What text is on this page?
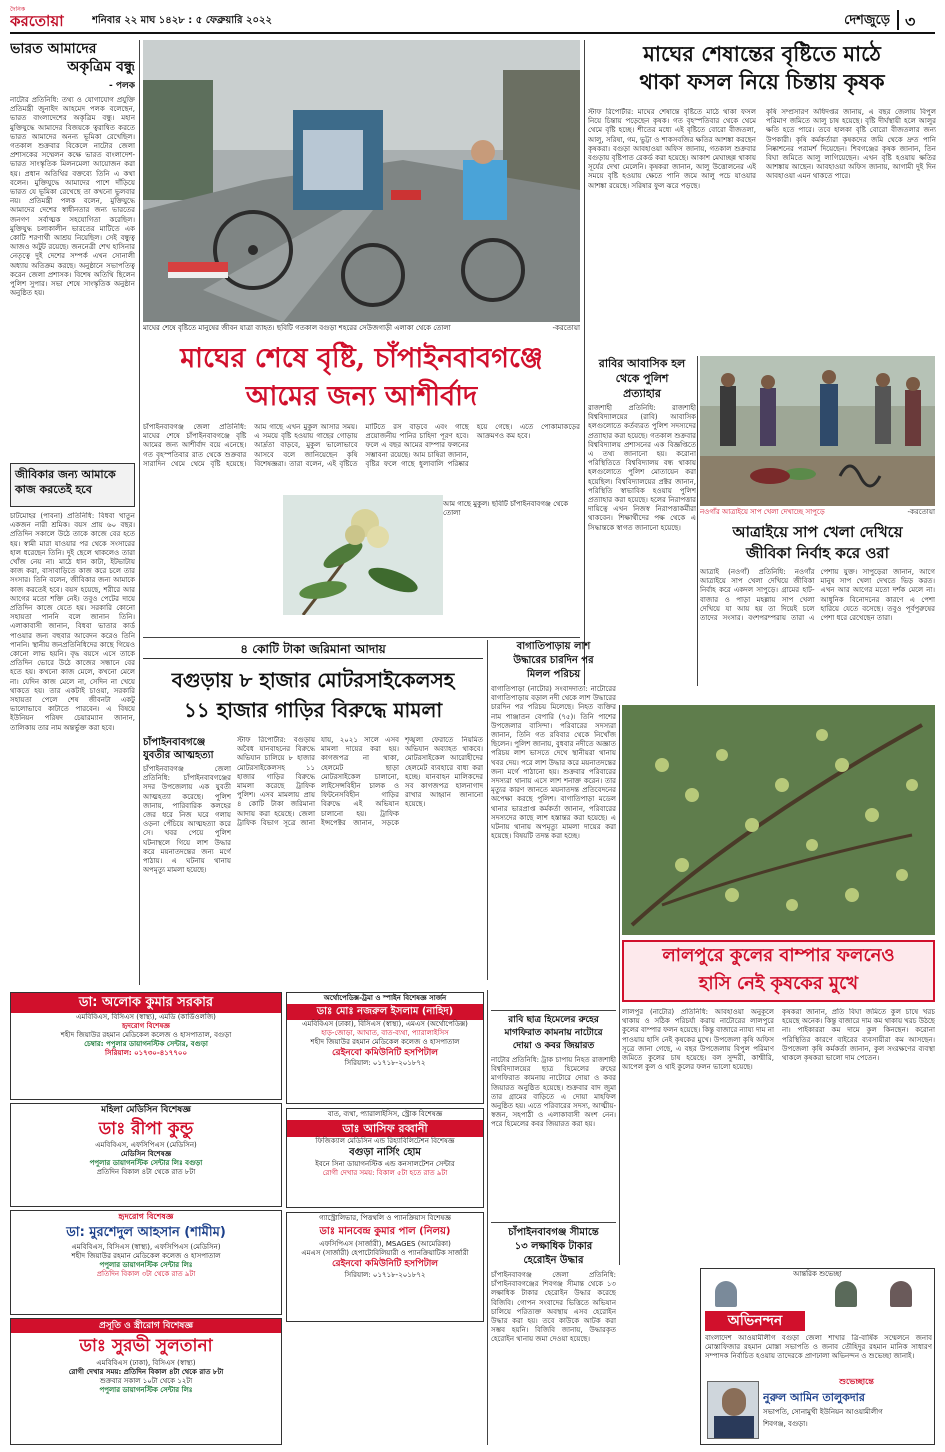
দৈনিক
করতোয়া	শনিবার ২২ মাঘ ১৪২৮ : ৫ ফেব্রুয়ারি ২০২২	দেশজুড়ে ৩
ভারত আমাদের
অকৃত্রিম বন্ধু
- পলক
নাটোর প্রতিনিধি: তথ্য ও যোগাযোগ প্রযুক্তি প্রতিমন্ত্রী জুনাইদ আহমেদ পলক বলেছেন, ভারত বাংলাদেশের অকৃত্রিম বন্ধু। মহান মুক্তিযুদ্ধে আমাদের বিজয়কে ত্বরান্বিত করতে ভারত আমাদের অনন্য ভূমিকা রেখেছিল। গতকাল শুক্রবার বিকেলে নাটোর জেলা প্রশাসকের সম্মেলন কক্ষে ভারত বাংলাদেশ-ভারত সাংস্কৃতিক মিলনমেলা আয়োজন করা হয়। প্রধান অতিথির বক্তব্যে তিনি এ কথা বলেন। মুক্তিযুদ্ধে আমাদের পাশে দাঁড়িয়ে ভারত যে ভূমিকা রেখেছে তা কখনো ভুলবার নয়। প্রতিমন্ত্রী পলক বলেন, মুক্তিযুদ্ধে আমাদের দেশের স্বাধীনতার জন্য ভারতের জনগণ সর্বাত্মক সহযোগিতা করেছিল। মুক্তিযুদ্ধ চলাকালীন ভারতের মাটিতে এক কোটি শরণার্থী আশ্রয় নিয়েছিল। সেই বন্ধুত্ব আজও অটুট রয়েছে। জননেত্রী শেখ হাসিনার নেতৃত্বে দুই দেশের সম্পর্ক এখন সোনালী অধ্যায় অতিক্রম করছে। অনুষ্ঠানে সভাপতিত্ব করেন জেলা প্রশাসক। বিশেষ অতিথি ছিলেন পুলিশ সুপার। সভা শেষে সাংস্কৃতিক অনুষ্ঠান অনুষ্ঠিত হয়।
জীবিকার জন্য আমাকে কাজ করতেই হবে
চাটমোহর (পাবনা) প্রতিনিধি: বিধবা খাতুন একজন নারী শ্রমিক। বয়স প্রায় ৬০ বছর। প্রতিদিন সকালে উঠে তাকে কাজে বের হতে হয়। স্বামী মারা যাওয়ার পর থেকে সংসারের হাল ধরেছেন তিনি। দুই ছেলে থাকলেও তারা খোঁজ নেয় না। মাঠে ধান কাটা, ইটভাটায় কাজ করা, বাসাবাড়িতে কাজ করে চলে তার সংসার। তিনি বলেন, জীবিকার জন্য আমাকে কাজ করতেই হবে। বয়স হয়েছে, শরীরে আর আগের মতো শক্তি নেই। তবুও পেটের দায়ে প্রতিদিন কাজে যেতে হয়। সরকারি কোনো সহায়তা পাননি বলে জানান তিনি। এলাকাবাসী জানান, বিধবা ভাতার কার্ড পাওয়ার জন্য বহুবার আবেদন করেও তিনি পাননি। স্থানীয় জনপ্রতিনিধিদের কাছে গিয়েও কোনো লাভ হয়নি। বৃদ্ধ বয়সে এসে তাকে প্রতিদিন ভোরে উঠে কাজের সন্ধানে বের হতে হয়। কখনো কাজ মেলে, কখনো মেলে না। যেদিন কাজ মেলে না, সেদিন না খেয়ে থাকতে হয়। তার একটাই চাওয়া, সরকারি সহায়তা পেলে শেষ জীবনটা একটু ভালোভাবে কাটাতে পারবেন। এ বিষয়ে ইউনিয়ন পরিষদ চেয়ারম্যান জানান, তালিকায় তার নাম অন্তর্ভুক্ত করা হবে।
মাঘের শেষে বৃষ্টিতে মানুষের জীবন যাত্রা ব্যাহত। ছবিটি গতকাল বগুড়া শহরের সেউজগাড়ী এলাকা থেকে তোলা	-করতোয়া
মাঘের শেষান্তের বৃষ্টিতে মাঠে
থাকা ফসল নিয়ে চিন্তায় কৃষক
স্টাফ রিপোর্টার: মাঘের শেষান্তে বৃষ্টিতে মাঠে থাকা ফসল নিয়ে চিন্তায় পড়েছেন কৃষক। গত বৃহস্পতিবার থেকে থেমে থেমে বৃষ্টি হচ্ছে। শীতের মধ্যে এই বৃষ্টিতে বোরো বীজতলা, আলু, সরিষা, গম, ভুট্টা ও শাকসবজির ক্ষতির আশঙ্কা করছেন কৃষকরা। বগুড়া আবহাওয়া অফিস জানায়, গতকাল শুক্রবার বগুড়ায় বৃষ্টিপাত রেকর্ড করা হয়েছে। আকাশ মেঘাচ্ছন্ন থাকায় সূর্যের দেখা মেলেনি। কৃষকরা জানান, আলু উত্তোলনের এই সময়ে বৃষ্টি হওয়ায় ক্ষেতে পানি জমে আলু পচে যাওয়ার আশঙ্কা রয়েছে। সরিষার ফুল ঝরে পড়ছে।
কৃষি সম্প্রসারণ অধিদপ্তর জানায়, এ বছর জেলায় বিপুল পরিমাণ জমিতে আলু চাষ হয়েছে। বৃষ্টি দীর্ঘস্থায়ী হলে আলুর ক্ষতি হতে পারে। তবে হালকা বৃষ্টি বোরো বীজতলার জন্য উপকারী। কৃষি কর্মকর্তারা কৃষকদের জমি থেকে দ্রুত পানি নিষ্কাশনের পরামর্শ দিয়েছেন। শিবগঞ্জের কৃষক জানান, তিন বিঘা জমিতে আলু লাগিয়েছেন। এখন বৃষ্টি হওয়ায় ক্ষতির আশঙ্কায় আছেন। আবহাওয়া অফিস জানায়, আগামী দুই দিন আবহাওয়া এমন থাকতে পারে।
মাঘের শেষে বৃষ্টি, চাঁপাইনবাবগঞ্জে
আমের জন্য আশীর্বাদ
চাঁপাইনবাবগঞ্জ জেলা প্রতিনিধি: মাঘের শেষে চাঁপাইনবাবগঞ্জে বৃষ্টি আমের জন্য আশীর্বাদ বয়ে এনেছে। গত বৃহস্পতিবার রাত থেকে শুক্রবার সারাদিন থেমে থেমে বৃষ্টি হয়েছে। আম গাছে এখন মুকুল আসার সময়। এ সময়ে বৃষ্টি হওয়ায় গাছের গোড়ায় আর্দ্রতা বাড়বে, মুকুল ভালোভাবে আসবে বলে জানিয়েছেন কৃষি বিশেষজ্ঞরা। তারা বলেন, এই বৃষ্টিতে মাটিতে রস বাড়বে এবং গাছে প্রয়োজনীয় পানির চাহিদা পূরণ হবে। ফলে এ বছর আমের বাম্পার ফলনের সম্ভাবনা রয়েছে। আম চাষিরা জানান, বৃষ্টির ফলে গাছে ধুলাবালি পরিষ্কার হয়ে গেছে। এতে পোকামাকড়ের আক্রমণও কম হবে।
আম গাছে মুকুল। ছবিটি চাঁপাইনবাবগঞ্জ থেকে তোলা
রাবির আবাসিক হল
থেকে পুলিশ
প্রত্যাহার
রাজশাহী প্রতিনিধি: রাজশাহী বিশ্ববিদ্যালয়ের (রাবি) আবাসিক হলগুলোতে কর্তব্যরত পুলিশ সদস্যদের প্রত্যাহার করা হয়েছে। গতকাল শুক্রবার বিশ্ববিদ্যালয় প্রশাসনের এক বিজ্ঞপ্তিতে এ তথ্য জানানো হয়। করোনা পরিস্থিতিতে বিশ্ববিদ্যালয় বন্ধ থাকায় হলগুলোতে পুলিশ মোতায়েন করা হয়েছিল। বিশ্ববিদ্যালয়ের প্রক্টর জানান, পরিস্থিতি স্বাভাবিক হওয়ায় পুলিশ প্রত্যাহার করা হয়েছে। হলের নিরাপত্তার দায়িত্বে এখন নিজস্ব নিরাপত্তাকর্মীরা থাকবেন। শিক্ষার্থীদের পক্ষ থেকে এ সিদ্ধান্তকে স্বাগত জানানো হয়েছে।
নওগাঁর আত্রাইয়ে সাপ খেলা দেখাচ্ছে সাপুড়ে	-করতোয়া
আত্রাইয়ে সাপ খেলা দেখিয়ে
জীবিকা নির্বাহ করে ওরা
আত্রাই (নওগাঁ) প্রতিনিধি: নওগাঁর আত্রাইয়ে সাপ খেলা দেখিয়ে জীবিকা নির্বাহ করে একদল সাপুড়ে। গ্রামের হাট-বাজার ও পাড়া মহল্লায় সাপ খেলা দেখিয়ে যা আয় হয় তা দিয়েই চলে তাদের সংসার। বংশপরম্পরায় তারা এ পেশায় যুক্ত। সাপুড়েরা জানান, আগে মানুষ সাপ খেলা দেখতে ভিড় করত। এখন আর আগের মতো দর্শক মেলে না। আধুনিক বিনোদনের কারণে এ পেশা হারিয়ে যেতে বসেছে। তবুও পূর্বপুরুষের পেশা ধরে রেখেছেন তারা।
৪ কোটি টাকা জরিমানা আদায়
বগুড়ায় ৮ হাজার মোটরসাইকেলসহ
১১ হাজার গাড়ির বিরুদ্ধে মামলা
স্টাফ রিপোর্টার: বগুড়ায় অবৈধ যানবাহনের বিরুদ্ধে অভিযান চালিয়ে ৮ হাজার মোটরসাইকেলসহ ১১ হাজার গাড়ির বিরুদ্ধে মামলা করেছে ট্রাফিক পুলিশ। এসব মামলায় প্রায় ৪ কোটি টাকা জরিমানা আদায় করা হয়েছে। জেলা ট্রাফিক বিভাগ সূত্রে জানা যায়, ২০২১ সালে এসব মামলা দায়ের করা হয়। কাগজপত্র না থাকা, হেলমেট ছাড়া মোটরসাইকেল চালানো, লাইসেন্সবিহীন চালক ও ফিটনেসবিহীন গাড়ির বিরুদ্ধে এই অভিযান চালানো হয়। ট্রাফিক ইন্সপেক্টর জানান, সড়কে শৃঙ্খলা ফেরাতে নিয়মিত অভিযান অব্যাহত থাকবে। মোটরসাইকেল আরোহীদের হেলমেট ব্যবহারে বাধ্য করা হচ্ছে। যানবাহন মালিকদের সব কাগজপত্র হালনাগাদ রাখার আহ্বান জানানো হয়েছে।
চাঁপাইনবাবগঞ্জে যুবতীর আত্মহত্যা
চাঁপাইনবাবগঞ্জ জেলা প্রতিনিধি: চাঁপাইনবাবগঞ্জের সদর উপজেলায় এক যুবতী আত্মহত্যা করেছে। পুলিশ জানায়, পারিবারিক কলহের জের ধরে নিজ ঘরে গলায় ওড়না পেঁচিয়ে আত্মহত্যা করে সে। খবর পেয়ে পুলিশ ঘটনাস্থলে গিয়ে লাশ উদ্ধার করে ময়নাতদন্তের জন্য মর্গে পাঠায়। এ ঘটনায় থানায় অপমৃত্যু মামলা হয়েছে।
বাগাতিপাড়ায় লাশ
উদ্ধারের চারদিন পর
মিলল পরিচয়
বাগাতিপাড়া (নাটোর) সংবাদদাতা: নাটোরের বাগাতিপাড়ায় বড়াল নদী থেকে লাশ উদ্ধারের চারদিন পর পরিচয় মিলেছে। নিহত ব্যক্তির নাম পাঞ্জাতন বেপারি (৭৫)। তিনি পাশের উপজেলার বাসিন্দা। পরিবারের সদস্যরা জানান, তিনি গত রবিবার থেকে নিখোঁজ ছিলেন। পুলিশ জানায়, বুধবার নদীতে অজ্ঞাত পরিচয় লাশ ভাসতে দেখে স্থানীয়রা থানায় খবর দেয়। পরে লাশ উদ্ধার করে ময়নাতদন্তের জন্য মর্গে পাঠানো হয়। শুক্রবার পরিবারের সদস্যরা থানায় এসে লাশ শনাক্ত করেন। তার মৃত্যুর কারণ জানতে ময়নাতদন্ত প্রতিবেদনের অপেক্ষা করছে পুলিশ। বাগাতিপাড়া মডেল থানার ভারপ্রাপ্ত কর্মকর্তা জানান, পরিবারের সদস্যদের কাছে লাশ হস্তান্তর করা হয়েছে। এ ঘটনায় থানায় অপমৃত্যু মামলা দায়ের করা হয়েছে। বিষয়টি তদন্ত করা হচ্ছে।
লালপুরে কুলের বাম্পার ফলনেও
হাসি নেই কৃষকের মুখে
লালপুর (নাটোর) প্রতিনিধি: আবহাওয়া অনুকূলে থাকায় ও সঠিক পরিচর্যা করায় নাটোরের লালপুরে কুলের বাম্পার ফলন হয়েছে। কিন্তু বাজারে ন্যায্য দাম না পাওয়ায় হাসি নেই কৃষকের মুখে। উপজেলা কৃষি অফিস সূত্রে জানা গেছে, এ বছর উপজেলায় বিপুল পরিমাণ জমিতে কুলের চাষ হয়েছে। বল সুন্দরী, কাশ্মীরি, আপেল কুল ও থাই কুলের ফলন ভালো হয়েছে।
কৃষকরা জানান, প্রতি বিঘা জমিতে কুল চাষে খরচ হয়েছে অনেক। কিন্তু বাজারে দাম কম থাকায় খরচ উঠছে না। পাইকাররা কম দামে কুল কিনছেন। করোনা পরিস্থিতির কারণে বাইরের ব্যবসায়ীরা কম আসছেন। উপজেলা কৃষি কর্মকর্তা জানান, কুল সংরক্ষণের ব্যবস্থা থাকলে কৃষকরা ভালো দাম পেতেন।
রাবি ছাত্র হিমেলের রুহের
মাগফিরাত কামনায় নাটোরে
দোয়া ও কবর জিয়ারত
নাটোর প্রতিনিধি: ট্রাক চাপায় নিহত রাজশাহী বিশ্ববিদ্যালয়ের ছাত্র হিমেলের রুহের মাগফিরাত কামনায় নাটোরে দোয়া ও কবর জিয়ারত অনুষ্ঠিত হয়েছে। শুক্রবার বাদ জুমা তার গ্রামের বাড়িতে এ দোয়া মাহফিল অনুষ্ঠিত হয়। এতে পরিবারের সদস্য, আত্মীয়-স্বজন, সহপাঠী ও এলাকাবাসী অংশ নেন। পরে হিমেলের কবর জিয়ারত করা হয়।
চাঁপাইনবাবগঞ্জ সীমান্তে
১৩ লক্ষাধিক টাকার
হেরোইন উদ্ধার
চাঁপাইনবাবগঞ্জ জেলা প্রতিনিধি: চাঁপাইনবাবগঞ্জের শিবগঞ্জ সীমান্ত থেকে ১৩ লক্ষাধিক টাকার হেরোইন উদ্ধার করেছে বিজিবি। গোপন সংবাদের ভিত্তিতে অভিযান চালিয়ে পরিত্যক্ত অবস্থায় এসব হেরোইন উদ্ধার করা হয়। তবে কাউকে আটক করা সম্ভব হয়নি। বিজিবি জানায়, উদ্ধারকৃত হেরোইন থানায় জমা দেওয়া হয়েছে।
ডা: অলোক কুমার সরকার
এমবিবিএস, বিসিএস (স্বাস্থ্য), এমডি (কার্ডিওলজি)
হৃদরোগ বিশেষজ্ঞ
শহীদ জিয়াউর রহমান মেডিকেল কলেজ ও হাসপাতাল, বগুড়া
চেম্বার: পপুলার ডায়াগনস্টিক সেন্টার, বগুড়া
সিরিয়াল: ০১৭৩০-৪১৭৭০০
মহিলা মেডিসিন বিশেষজ্ঞ
ডাঃ রীপা কুন্ডু
এমবিবিএস, এফসিপিএস (মেডিসিন)
মেডিসিন বিশেষজ্ঞ
পপুলার ডায়াগনস্টিক সেন্টার লিঃ বগুড়া
প্রতিদিন বিকাল ৪টা থেকে রাত ৮টা
হৃদরোগ বিশেষজ্ঞ
ডা: মুরশেদুল আহসান (শামীম)
এমবিবিএস, বিসিএস (স্বাস্থ্য), এফসিপিএস (মেডিসিন)
শহীদ জিয়াউর রহমান মেডিকেল কলেজ ও হাসপাতাল
পপুলার ডায়াগনস্টিক সেন্টার লিঃ
প্রতিদিন বিকাল ৩টা থেকে রাত ৯টা
প্রসূতি ও স্ত্রীরোগ বিশেষজ্ঞ
ডাঃ সুরভী সুলতানা
এমবিবিএস (ঢাকা), বিসিএস (স্বাস্থ্য)
রোগী দেখার সময়: প্রতিদিন বিকাল ৪টা থেকে রাত ৮টা
শুক্রবার সকাল ১০টা থেকে ১২টা
পপুলার ডায়াগনস্টিক সেন্টার লিঃ
অর্থোপেডিক্স-ট্রমা ও স্পাইন বিশেষজ্ঞ সার্জন
ডাঃ মোঃ নজরুল ইসলাম (নাহিদ)
এমবিবিএস (ঢাকা), বিসিএস (স্বাস্থ্য), এমএস (অর্থোপেডিক্স)
হাড়-জোড়া, আঘাত, বাত-ব্যথা, প্যারালাইসিস
শহীদ জিয়াউর রহমান মেডিকেল কলেজ ও হাসপাতাল
রেইনবো কমিউনিটি হসপিটাল
সিরিয়াল: ০১৭১৮-২০১৮৭২
বাত, ব্যথা, প্যারালাইসিস, স্ট্রোক বিশেষজ্ঞ
ডাঃ আসিফ রব্বানী
ফিজিক্যাল মেডিসিন এন্ড রিহ্যাবিলিটেশন বিশেষজ্ঞ
বগুড়া নার্সিং হোম
ইবনে সিনা ডায়াগনস্টিক এন্ড কনসালটেশন সেন্টার
রোগী দেখার সময়: বিকাল ৫টা হতে রাত ৯টা
গ্যাস্ট্রোলিভার, পিত্তথলি ও প্যানক্রিয়াস বিশেষজ্ঞ
ডাঃ মানবেন্দ্র কুমার পাল (নিলয়)
এফসিপিএস (সার্জারী), MSAGES (আমেরিকা)
এমএস (সার্জারী) হেপাটোবিলিয়ারী ও প্যানক্রিয়াটিক সার্জারী
রেইনবো কমিউনিটি হসপিটাল
সিরিয়াল: ০১৭১৮-২০১৮৭২	আন্তরিক শুভেচ্ছা
অভিনন্দন
বাংলাদেশ আওয়ামীলীগ বগুড়া জেলা শাখার ত্রি-বার্ষিক সম্মেলনে জনাব মোস্তাফিজার রহমান মোস্তা সভাপতি ও জনাব তৌহিদুর রহমান মানিক সাধারণ সম্পাদক নির্বাচিত হওয়ায় তাদেরকে প্রাণঢালা অভিনন্দন ও শুভেচ্ছা জানাই।
শুভেচ্ছান্তে
নুরুল আমিন তালুকদার
সভাপতি, সোনামুখী ইউনিয়ন আওয়ামীলীগ
শিবগঞ্জ, বগুড়া।
